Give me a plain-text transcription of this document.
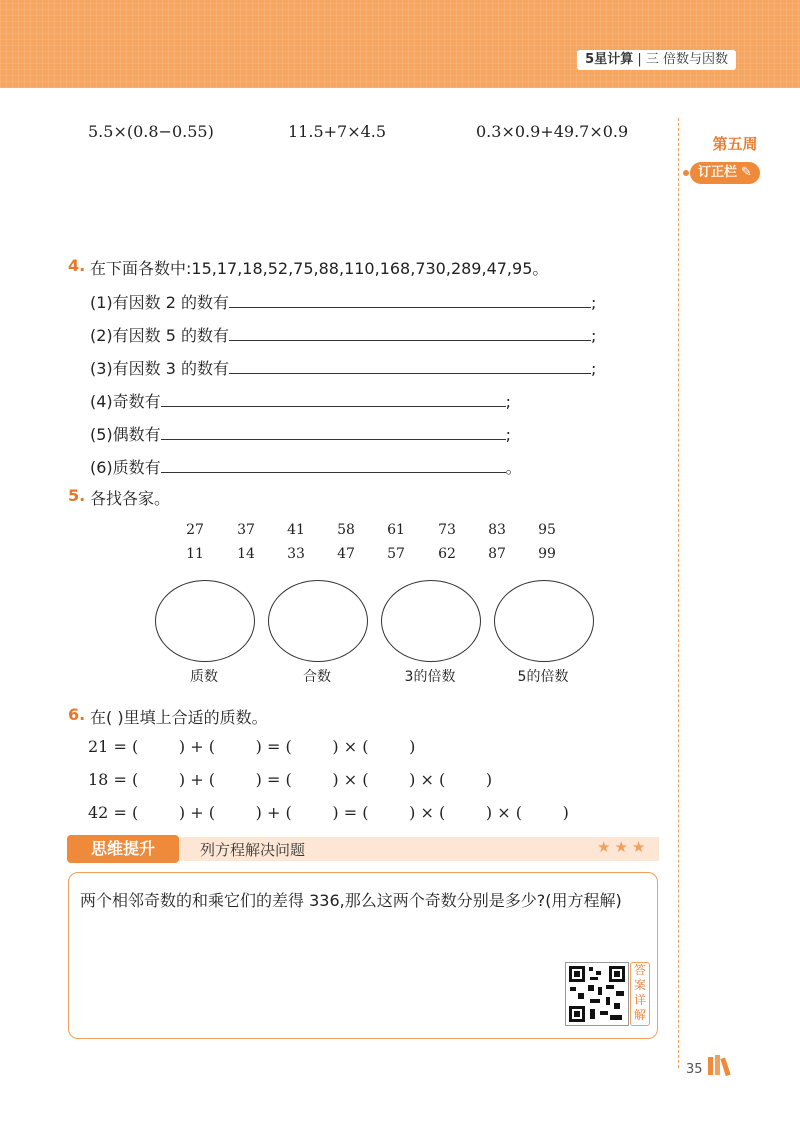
5星计算 | 三 倍数与因数
第五周
订正栏 ✎
5.5×(0.8−0.55)	11.5+7×4.5	0.3×0.9+49.7×0.9
4. 在下面各数中:15,17,18,52,75,88,110,168,730,289,47,95。
(1)有因数 2 的数有	;
(2)有因数 5 的数有	;
(3)有因数 3 的数有	;
(4)奇数有	;
(5)偶数有	;
(6)质数有	。
5. 各找各家。
27	37	41	58	61	73	83	95
11	14	33	47	57	62	87	99
质数	合数	3的倍数	5的倍数
6. 在( )里填上合适的质数。
21 = (        ) + (        ) = (        ) × (        )
18 = (        ) + (        ) = (        ) × (        ) × (        )
42 = (        ) + (        ) + (        ) = (        ) × (        ) × (        )
思维提升	列方程解决问题	★★★
两个相邻奇数的和乘它们的差得 336,那么这两个奇数分别是多少?(用方程解)
答案详解
35
